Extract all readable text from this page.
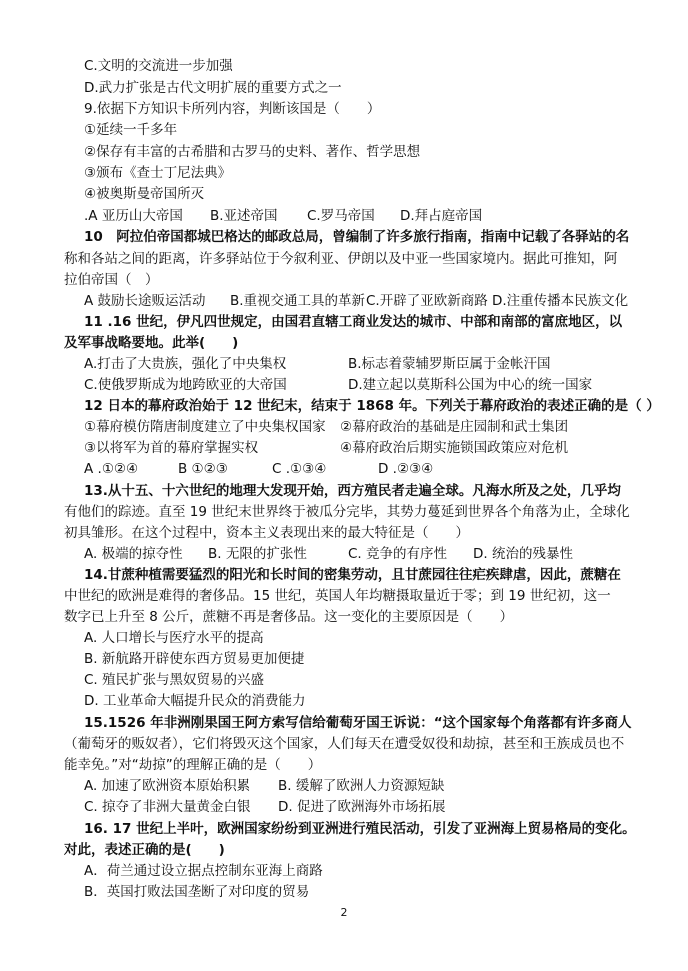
C.文明的交流进一步加强
D.武力扩张是古代文明扩展的重要方式之一
9.依据下方知识卡所列内容，判断该国是（　　）
①延续一千多年
②保存有丰富的古希腊和古罗马的史料、著作、哲学思想
③颁布《查士丁尼法典》
④被奥斯曼帝国所灭
.A 亚历山大帝国 B.亚述帝国 C.罗马帝国 D.拜占庭帝国
10　阿拉伯帝国都城巴格达的邮政总局，曾编制了许多旅行指南，指南中记载了各驿站的名
称和各站之间的距离，许多驿站位于今叙利亚、伊朗以及中亚一些国家境内。据此可推知，阿
拉伯帝国（　）
A 鼓励长途贩运活动 B.重视交通工具的革新 C.开辟了亚欧新商路 D.注重传播本民族文化
11 .16 世纪，伊凡四世规定，由国君直辖工商业发达的城市、中部和南部的富庶地区，以
及军事战略要地。此举(　　)
A.打击了大贵族，强化了中央集权	B.标志着蒙辅罗斯臣属于金帐汗国
C.使俄罗斯成为地跨欧亚的大帝国	D.建立起以莫斯科公国为中心的统一国家
12 日本的幕府政治始于 12 世纪末，结束于 1868 年。下列关于幕府政治的表述正确的是（ ）
①幕府模仿隋唐制度建立了中央集权国家 ②幕府政治的基础是庄园制和武士集团
③以将军为首的幕府掌握实权	④幕府政治后期实施锁国政策应对危机
A .①②④	B ①②③	C .①③④	D .②③④
13.从十五、十六世纪的地理大发现开始，西方殖民者走遍全球。凡海水所及之处，几乎均
有他们的踪迹。直至 19 世纪末世界终于被瓜分完毕，其势力蔓延到世界各个角落为止，全球化
初具雏形。在这个过程中，资本主义表现出来的最大特征是（　　）
A. 极端的掠夺性 B. 无限的扩张性	C. 竞争的有序性 D. 统治的残暴性
14.甘蔗种植需要猛烈的阳光和长时间的密集劳动，且甘蔗园往往疟疾肆虐，因此，蔗糖在
中世纪的欧洲是难得的奢侈品。15 世纪，英国人年均糖摄取量近于零；到 19 世纪初，这一
数字已上升至 8 公斤，蔗糖不再是奢侈品。这一变化的主要原因是（　　）
A. 人口增长与医疗水平的提高
B. 新航路开辟使东西方贸易更加便捷
C. 殖民扩张与黑奴贸易的兴盛
D. 工业革命大幅提升民众的消费能力
15.1526 年非洲刚果国王阿方索写信给葡萄牙国王诉说：“这个国家每个角落都有许多商人
（葡萄牙的贩奴者），它们将毁灭这个国家，人们每天在遭受奴役和劫掠，甚至和王族成员也不
能幸免。”对“劫掠”的理解正确的是（　　）
A. 加速了欧洲资本原始积累 B. 缓解了欧洲人力资源短缺
C. 掠夺了非洲大量黄金白银 D. 促进了欧洲海外市场拓展
16. 17 世纪上半叶，欧洲国家纷纷到亚洲进行殖民活动，引发了亚洲海上贸易格局的变化。
对此，表述正确的是(　　)
A．荷兰通过设立据点控制东亚海上商路
B．英国打败法国垄断了对印度的贸易
2
